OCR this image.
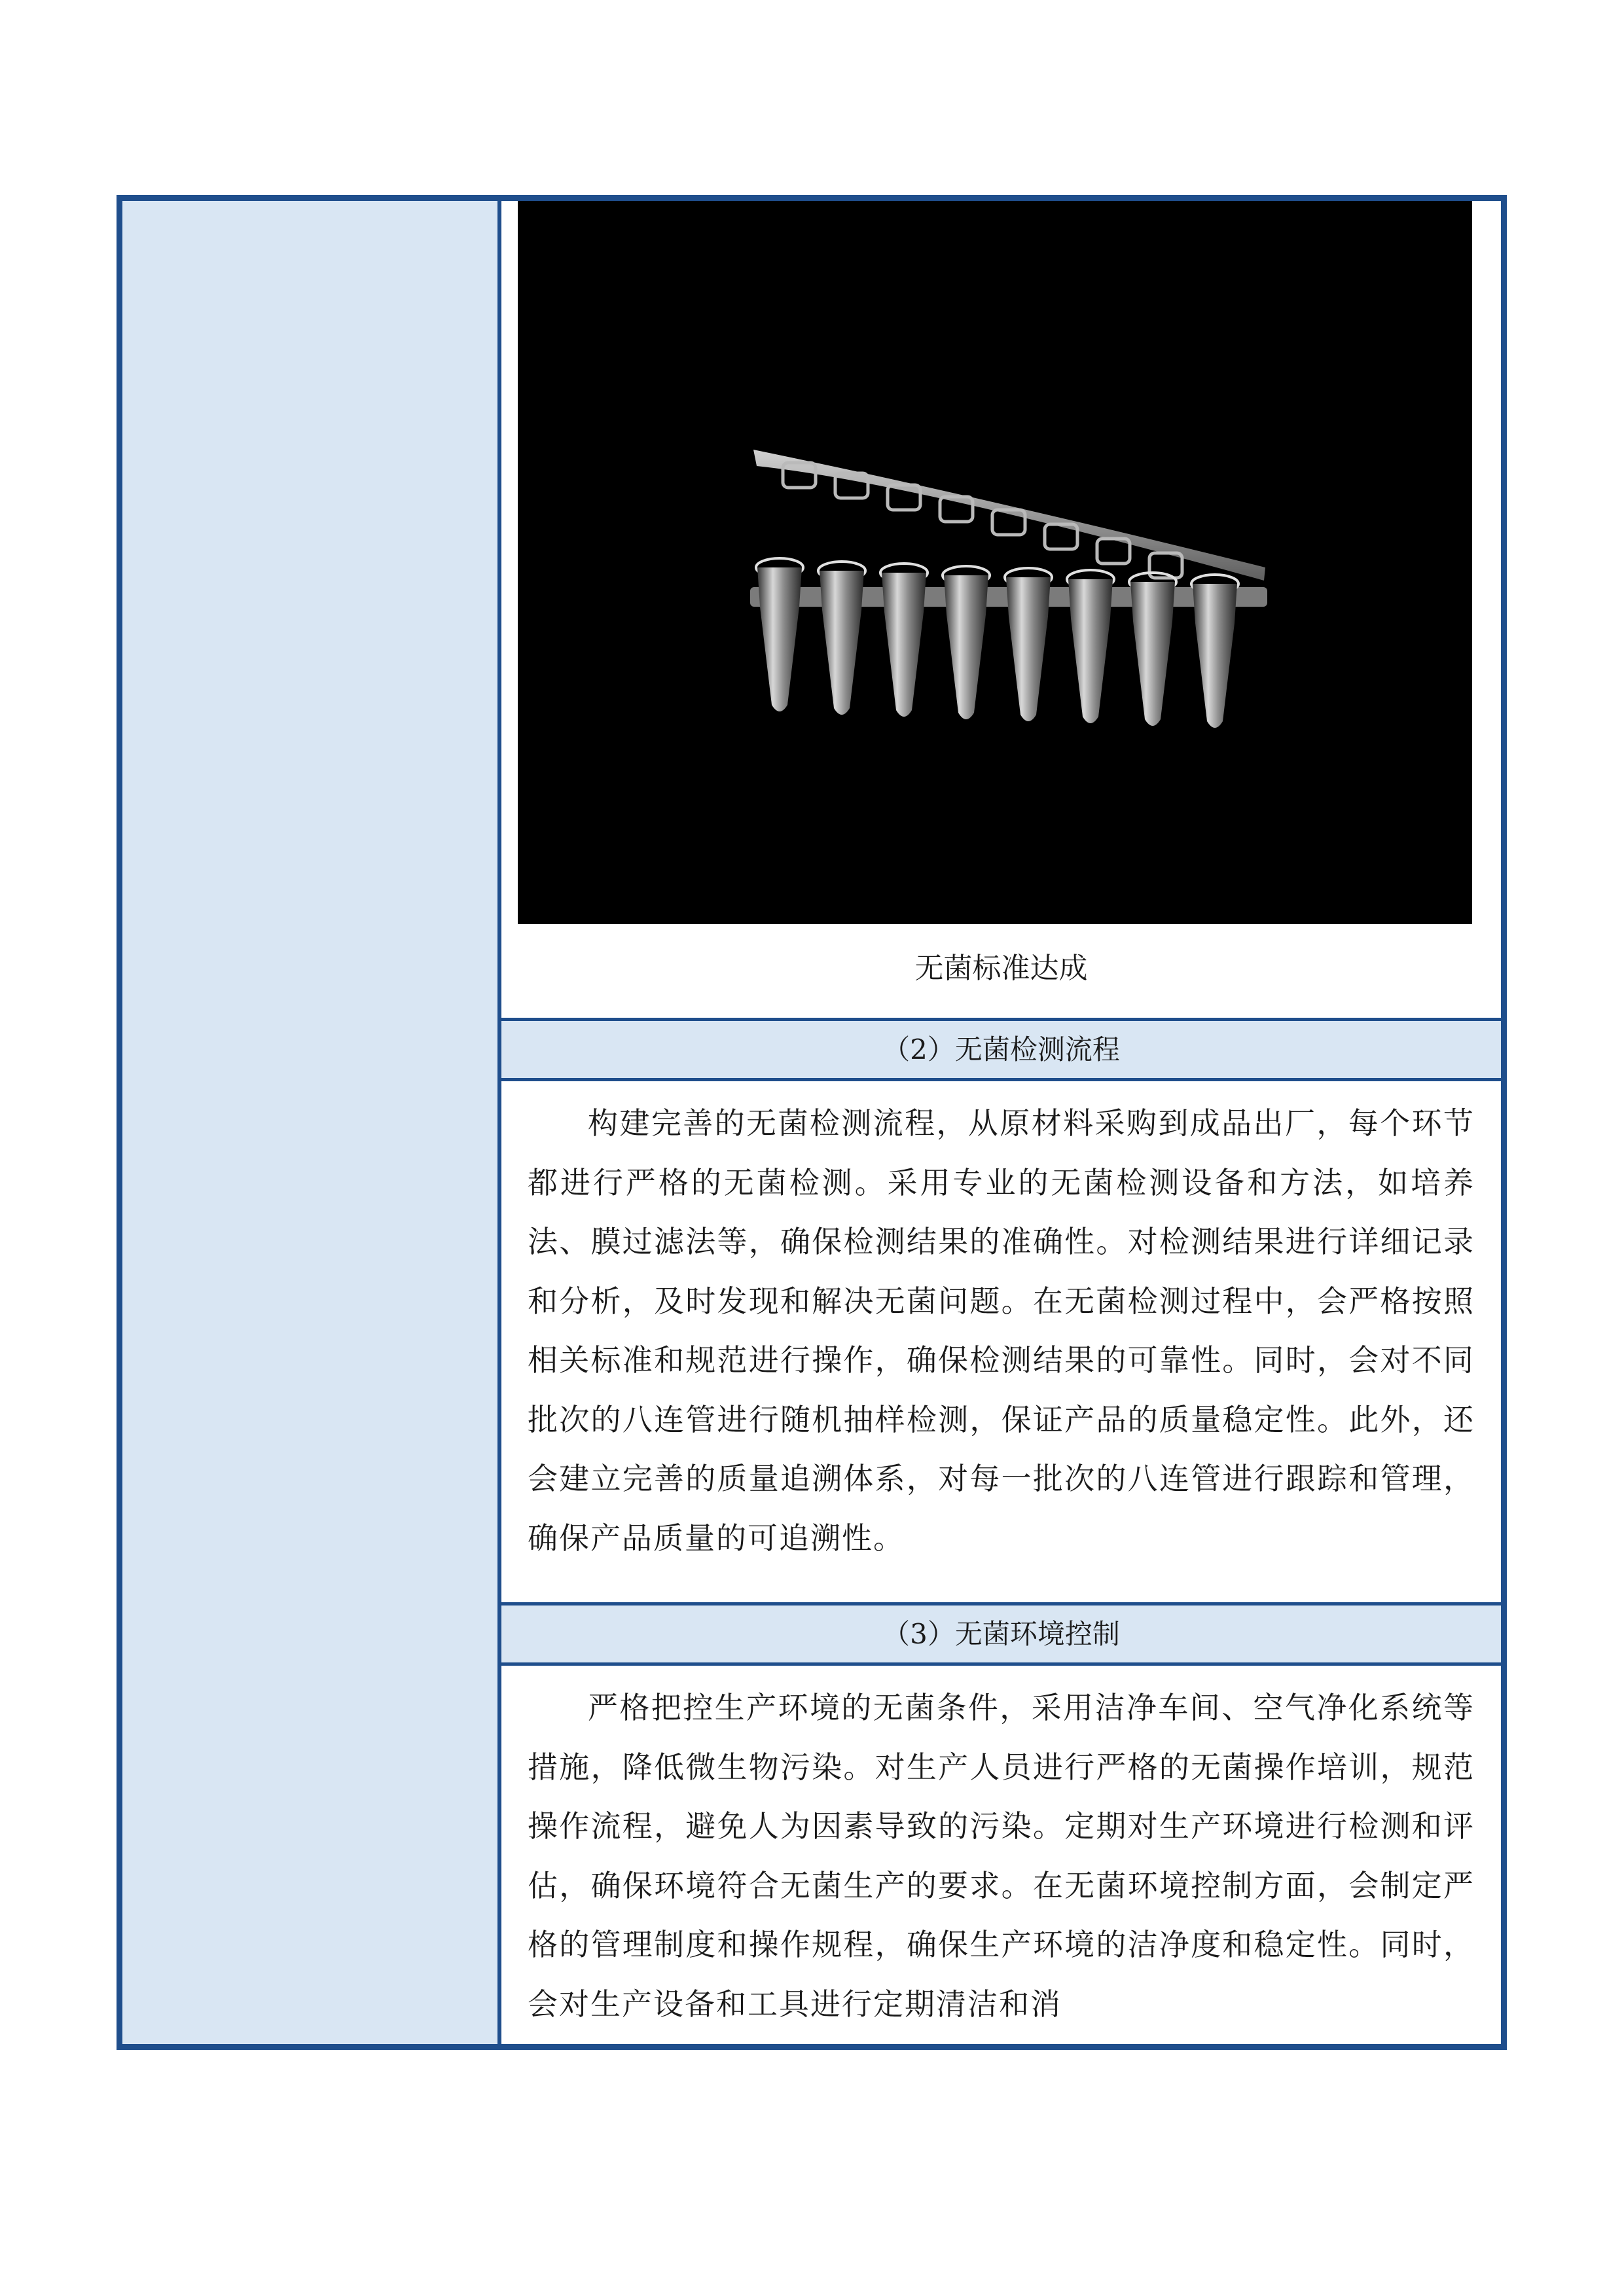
无菌标准达成
（2）无菌检测流程
构建完善的无菌检测流程，从原材料采购到成品出厂，每个环节都进行严格的无菌检测。采用专业的无菌检测设备和方法，如培养法、膜过滤法等，确保检测结果的准确性。对检测结果进行详细记录和分析，及时发现和解决无菌问题。在无菌检测过程中，会严格按照相关标准和规范进行操作，确保检测结果的可靠性。同时，会对不同批次的八连管进行随机抽样检测，保证产品的质量稳定性。此外，还会建立完善的质量追溯体系，对每一批次的八连管进行跟踪和管理，确保产品质量的可追溯性。
（3）无菌环境控制
严格把控生产环境的无菌条件，采用洁净车间、空气净化系统等措施，降低微生物污染。对生产人员进行严格的无菌操作培训，规范操作流程，避免人为因素导致的污染。定期对生产环境进行检测和评估，确保环境符合无菌生产的要求。在无菌环境控制方面，会制定严格的管理制度和操作规程，确保生产环境的洁净度和稳定性。同时，会对生产设备和工具进行定期清洁和消
